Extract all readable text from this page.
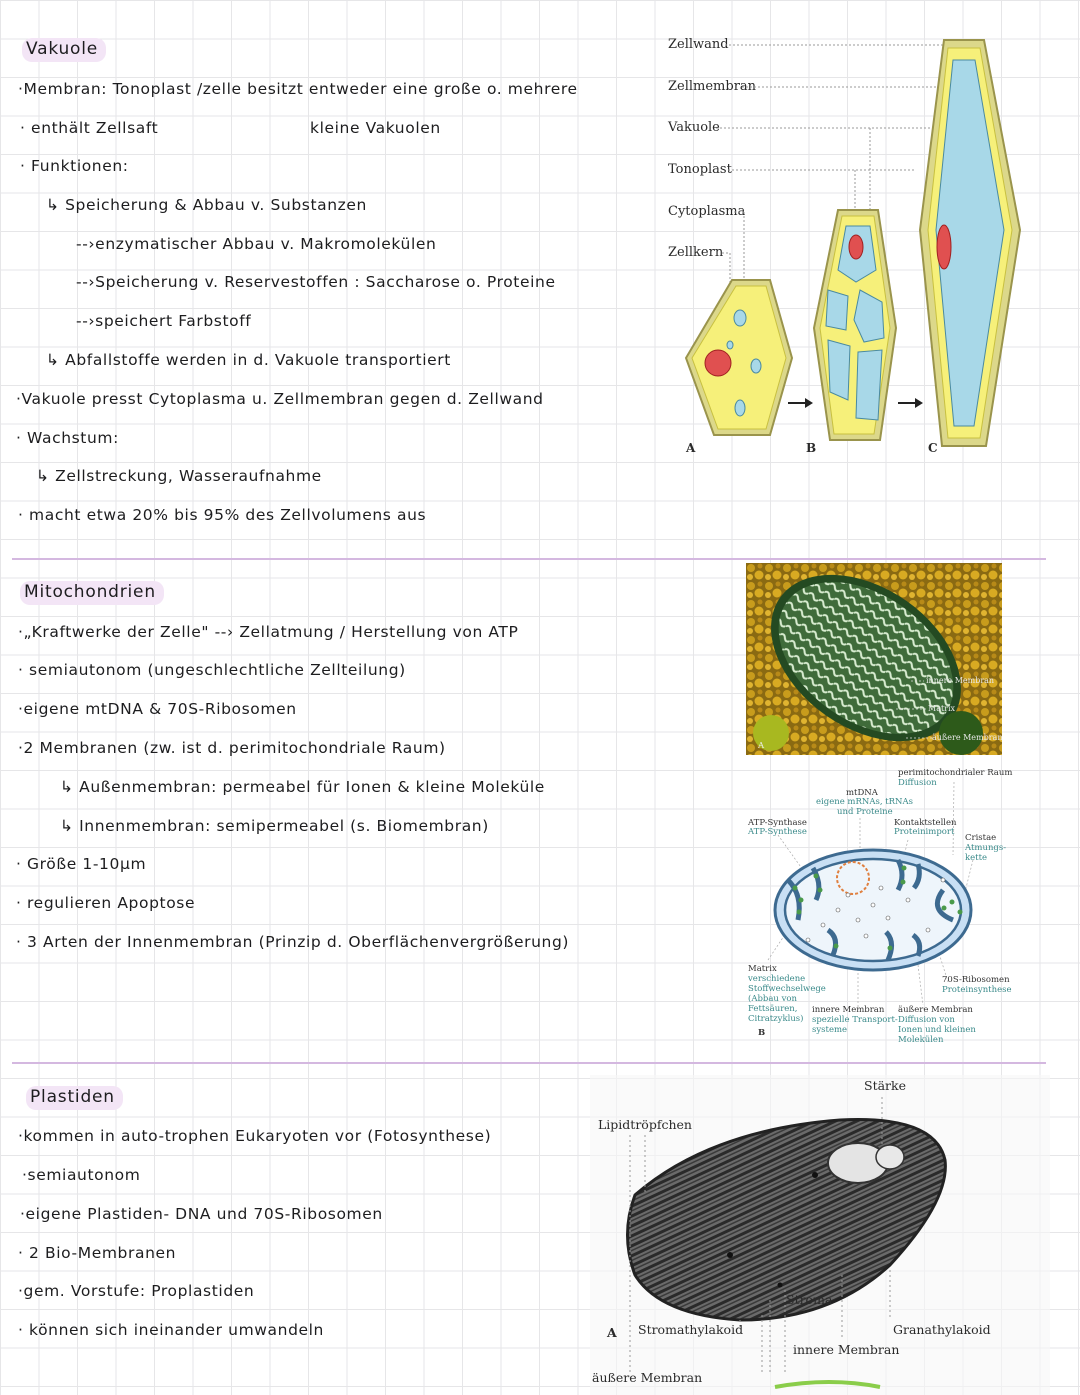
Vakuole
·Membran: Tonoplast /zelle besitzt entweder eine große o. mehrere
· enthält Zellsaft	kleine Vakuolen
· Funktionen:
↳ Speicherung & Abbau v. Substanzen
--›enzymatischer Abbau v. Makromolekülen
--›Speicherung v. Reservestoffen : Saccharose o. Proteine
--›speichert Farbstoff
↳ Abfallstoffe werden in d. Vakuole transportiert
·Vakuole presst Cytoplasma u. Zellmembran gegen d. Zellwand
· Wachstum:
↳ Zellstreckung, Wasseraufnahme
· macht etwa 20% bis 95% des Zellvolumens aus
Zellwand
Zellmembran
Vakuole
Tonoplast
Cytoplasma
Zellkern
A	B	C
Mitochondrien
·„Kraftwerke der Zelle" --› Zellatmung / Herstellung von ATP
· semiautonom (ungeschlechtliche Zellteilung)
·eigene mtDNA & 70S-Ribosomen
·2 Membranen (zw. ist d. perimitochondriale Raum)
↳ Außenmembran: permeabel für Ionen & kleine Moleküle
↳ Innenmembran: semipermeabel (s. Biomembran)
· Größe 1-10µm
· regulieren Apoptose
· 3 Arten der Innenmembran (Prinzip d. Oberflächenvergrößerung)
innere Membran
Matrix
äußere Membran
A
perimitochondrialer Raum
Diffusion
mtDNA
eigene mRNAs, tRNAs
und Proteine
ATP-Synthase
ATP-Synthese
Kontaktstellen
Proteinimport
Cristae
Atmungs-
kette
Matrix
verschiedene
Stoffwechselwege
(Abbau von
Fettsäuren,
Citratzyklus)
B
innere Membran
spezielle Transport-
systeme
äußere Membran
Diffusion von
Ionen und kleinen
Molekülen
70S-Ribosomen
Proteinsynthese
Plastiden
·kommen in auto-trophen Eukaryoten vor (Fotosynthese)
·semiautonom
·eigene Plastiden- DNA und 70S-Ribosomen
· 2 Bio-Membranen
·gem. Vorstufe: Proplastiden
· können sich ineinander umwandeln
Stärke
Lipidtröpfchen
Stroma
A Stromathylakoid	Granathylakoid
innere Membran
äußere Membran
